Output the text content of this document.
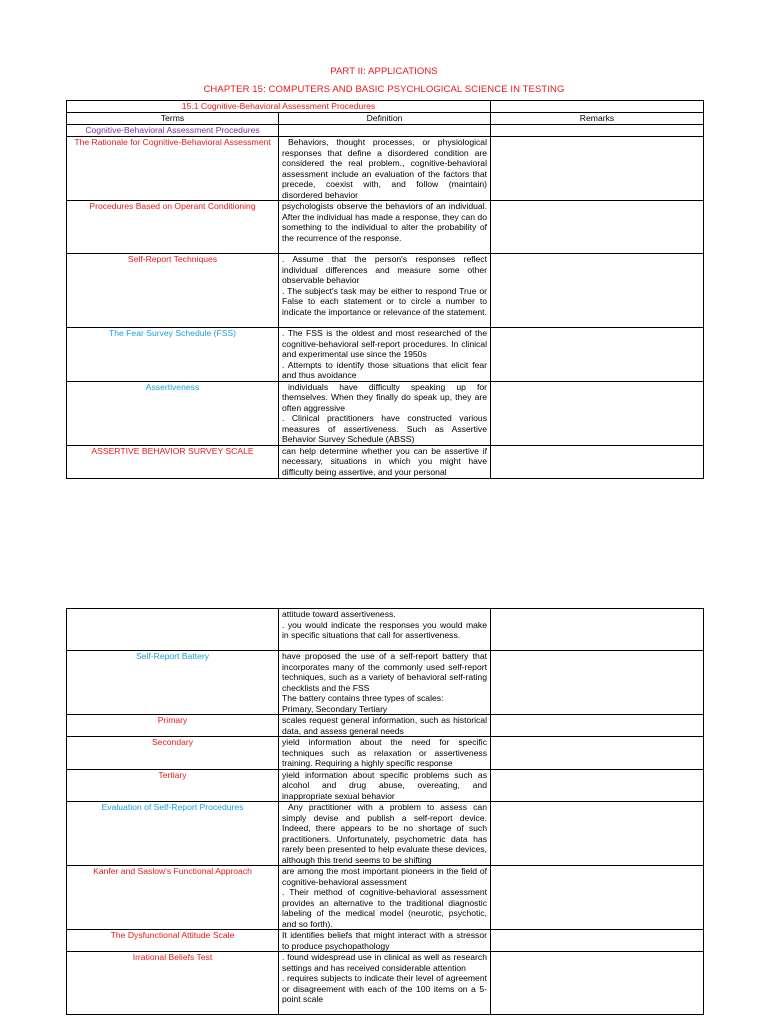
PART II: APPLICATIONS
CHAPTER 15: COMPUTERS AND BASIC PSYCHLOGICAL SCIENCE IN TESTING
15.1 Cognitive-Behavioral Assessment Procedures		
Terms	Definition	Remarks
Cognitive-Behavioral Assessment Procedures		
The Rationale for Cognitive-Behavioral Assessment	Behaviors, thought processes, or physiological responses that define a disordered condition are considered the real problem., cognitive-behavioral assessment include an evaluation of the factors that precede, coexist with, and follow (maintain) disordered behavior	

Procedures Based on Operant Conditioning	psychologists observe the behaviors of an individual. After the individual has made a response, they can do something to the individual to alter the probability of the recurrence of the response.	

Self-Report Techniques	. Assume that the person's responses reflect individual differences and measure some other observable behavior
. The subject's task may be either to respond True or False to each statement or to circle a number to indicate the importance or relevance of the statement.	

The Fear Survey Schedule (FSS)	. The FSS is the oldest and most researched of the cognitive-behavioral self-report procedures. In clinical and experimental use since the 1950s
. Attempts to identify those situations that elicit fear and thus avoidance	

Assertiveness	individuals have difficulty speaking up for themselves. When they finally do speak up, they are often aggressive
. Clinical practitioners have constructed various measures of assertiveness. Such as Assertive Behavior Survey Schedule (ABSS)	

ASSERTIVE BEHAVIOR SURVEY SCALE	can help determine whether you can be assertive if necessary, situations in which you might have difficulty being assertive, and your personal	

	attitude toward assertiveness.
. you would indicate the responses you would make in specific situations that call for assertiveness.	

Self-Report Battery	have proposed the use of a self-report battery that incorporates many of the commonly used self-report techniques, such as a variety of behavioral self-rating checklists and the FSS
The battery contains three types of scales:
Primary, Secondary Tertiary	

Primary	scales request general information, such as historical data, and assess general needs	

Secondary	yield information about the need for specific techniques such as relaxation or assertiveness training. Requiring a highly specific response	

Tertiary	yield information about specific problems such as alcohol and drug abuse, overeating, and inappropriate sexual behavior	

Evaluation of Self-Report Procedures	Any practitioner with a problem to assess can simply devise and publish a self-report device. Indeed, there appears to be no shortage of such practitioners. Unfortunately, psychometric data has rarely been presented to help evaluate these devices, although this trend seems to be shifting	

Kanfer and Saslow's Functional Approach	are among the most important pioneers in the field of cognitive-behavioral assessment
. Their method of cognitive-behavioral assessment provides an alternative to the traditional diagnostic labeling of the medical model (neurotic, psychotic, and so forth).	

The Dysfunctional Attitude Scale	It identifies beliefs that might interact with a stressor to produce psychopathology	

Irrational Beliefs Test	. found widespread use in clinical as well as research settings and has received considerable attention
. requires subjects to indicate their level of agreement or disagreement with each of the 100 items on a 5-point scale	
